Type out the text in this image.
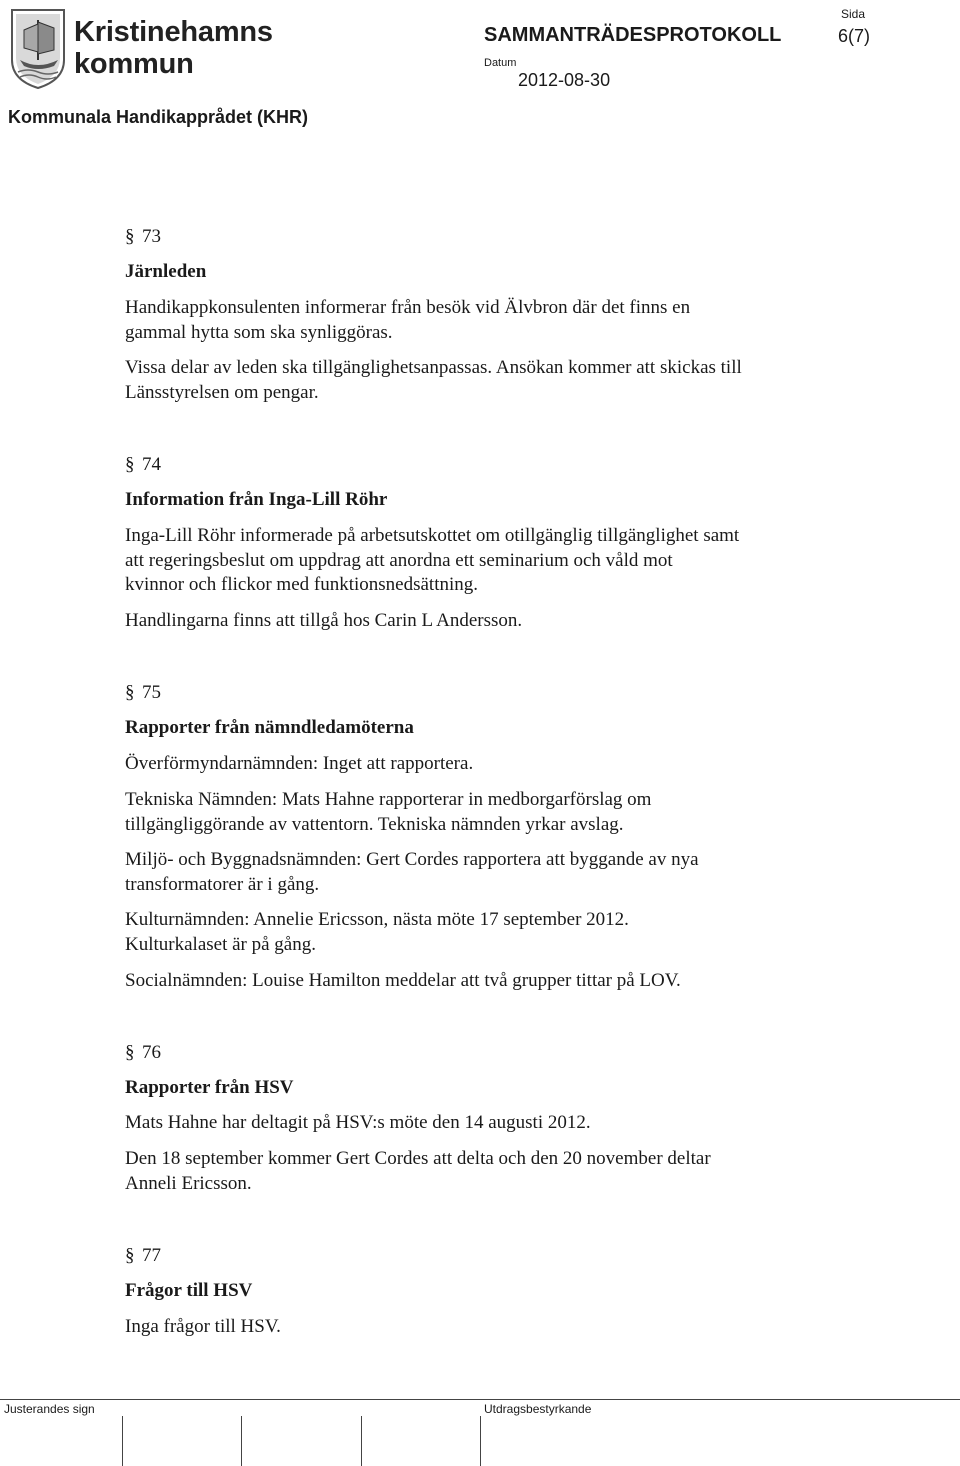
Kristinehamns
kommun
SAMMANTRÄDESPROTOKOLL
Datum
2012-08-30
Sida
6(7)
Kommunala Handikapprådet (KHR)
§ 73
Järnleden
Handikappkonsulenten informerar från besök vid Älvbron där det finns en
gammal hytta som ska synliggöras.
Vissa delar av leden ska tillgänglighetsanpassas. Ansökan kommer att skickas till
Länsstyrelsen om pengar.
§ 74
Information från Inga-Lill Röhr
Inga-Lill Röhr informerade på arbetsutskottet om otillgänglig tillgänglighet samt
att regeringsbeslut om uppdrag att anordna ett seminarium och våld mot
kvinnor och flickor med funktionsnedsättning.
Handlingarna finns att tillgå hos Carin L Andersson.
§ 75
Rapporter från nämndledamöterna
Överförmyndarnämnden: Inget att rapportera.
Tekniska Nämnden: Mats Hahne rapporterar in medborgarförslag om
tillgängliggörande av vattentorn. Tekniska nämnden yrkar avslag.
Miljö- och Byggnadsnämnden: Gert Cordes rapportera att byggande av nya
transformatorer är i gång.
Kulturnämnden: Annelie Ericsson, nästa möte 17 september 2012.
Kulturkalaset är på gång.
Socialnämnden: Louise Hamilton meddelar att två grupper tittar på LOV.
§ 76
Rapporter från HSV
Mats Hahne har deltagit på HSV:s möte den 14 augusti 2012.
Den 18 september kommer Gert Cordes att delta och den 20 november deltar
Anneli Ericsson.
§ 77
Frågor till HSV
Inga frågor till HSV.
Justerandes sign	Utdragsbestyrkande
